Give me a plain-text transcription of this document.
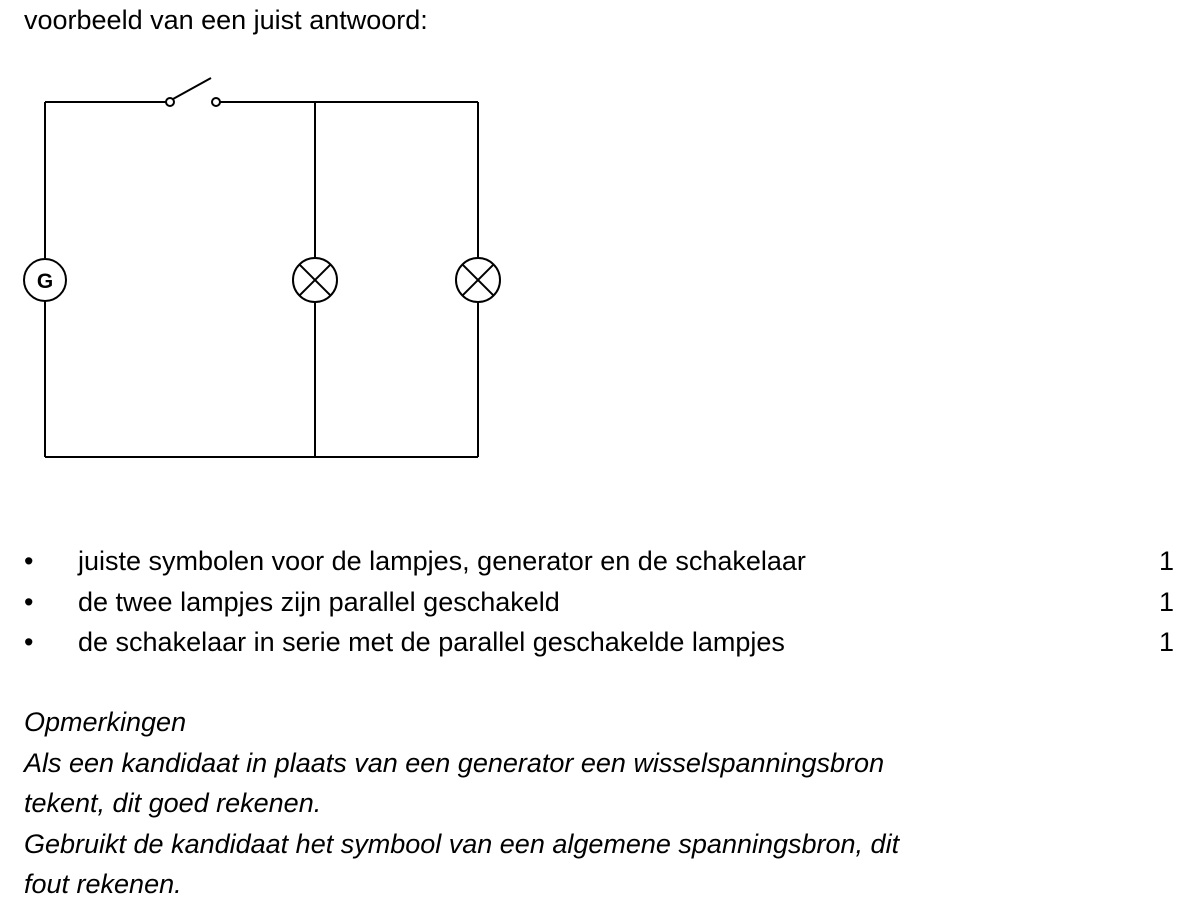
voorbeeld van een juist antwoord:

G
• juiste symbolen voor de lampjes, generator en de schakelaar	1
• de twee lampjes zijn parallel geschakeld	1
• de schakelaar in serie met de parallel geschakelde lampjes	1
Opmerkingen
Als een kandidaat in plaats van een generator een wisselspanningsbron
tekent, dit goed rekenen.
Gebruikt de kandidaat het symbool van een algemene spanningsbron, dit
fout rekenen.
